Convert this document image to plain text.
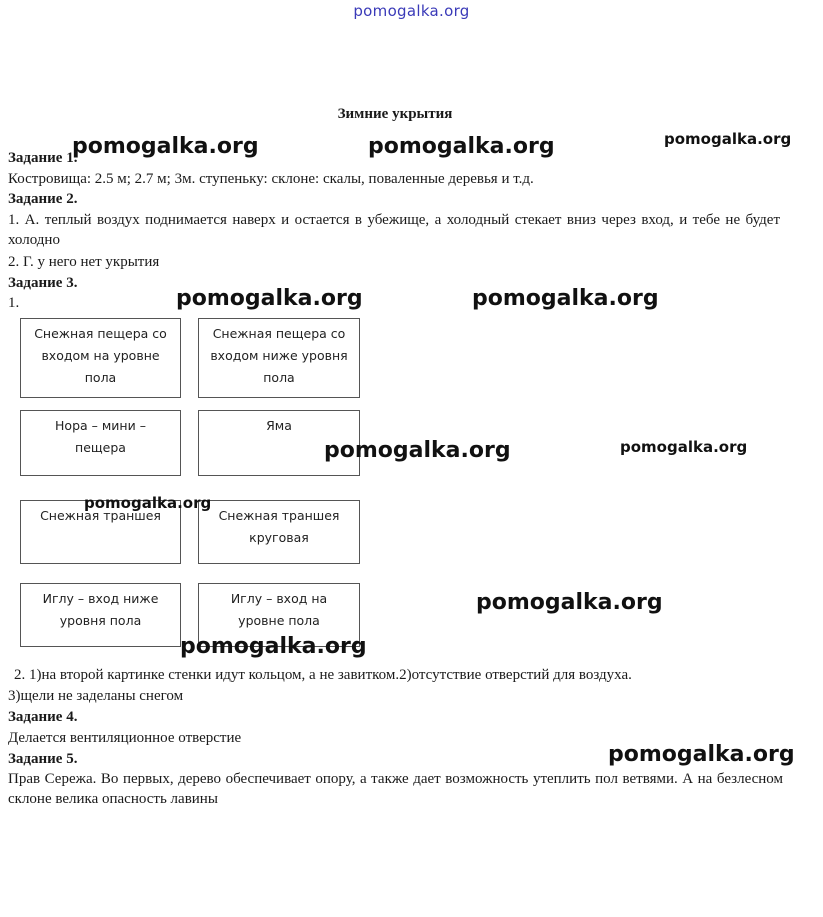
pomogalka.org
Зимние укрытия
Задание 1.
Костровища: 2.5 м; 2.7 м; 3м. ступеньку: склоне: скалы, поваленные деревья и т.д.
Задание 2.
1. А. теплый воздух поднимается наверх и остается в убежище, а холодный стекает вниз через вход, и тебе не будет холодно
2. Г. у него нет укрытия
Задание 3.
1.
Снежная пещера со входом на уровне пола
Снежная пещера со входом ниже уровня пола
Нора – мини – пещера
Яма
Снежная траншея	Снежная траншея круговая
Иглу – вход ниже уровня пола
Иглу – вход на уровне пола
2. 1)на второй картинке стенки идут кольцом, а не завитком.2)отсутствие отверстий для воздуха.
3)щели не заделаны снегом
Задание 4.
Делается вентиляционное отверстие
Задание 5.
Прав Сережа. Во первых, дерево обеспечивает опору, а также дает возможность утеплить пол ветвями. А на безлесном склоне велика опасность лавины
pomogalka.org	pomogalka.org	pomogalka.org
pomogalka.org	pomogalka.org
pomogalka.org	pomogalka.org
pomogalka.org
pomogalka.org
pomogalka.org
pomogalka.org
